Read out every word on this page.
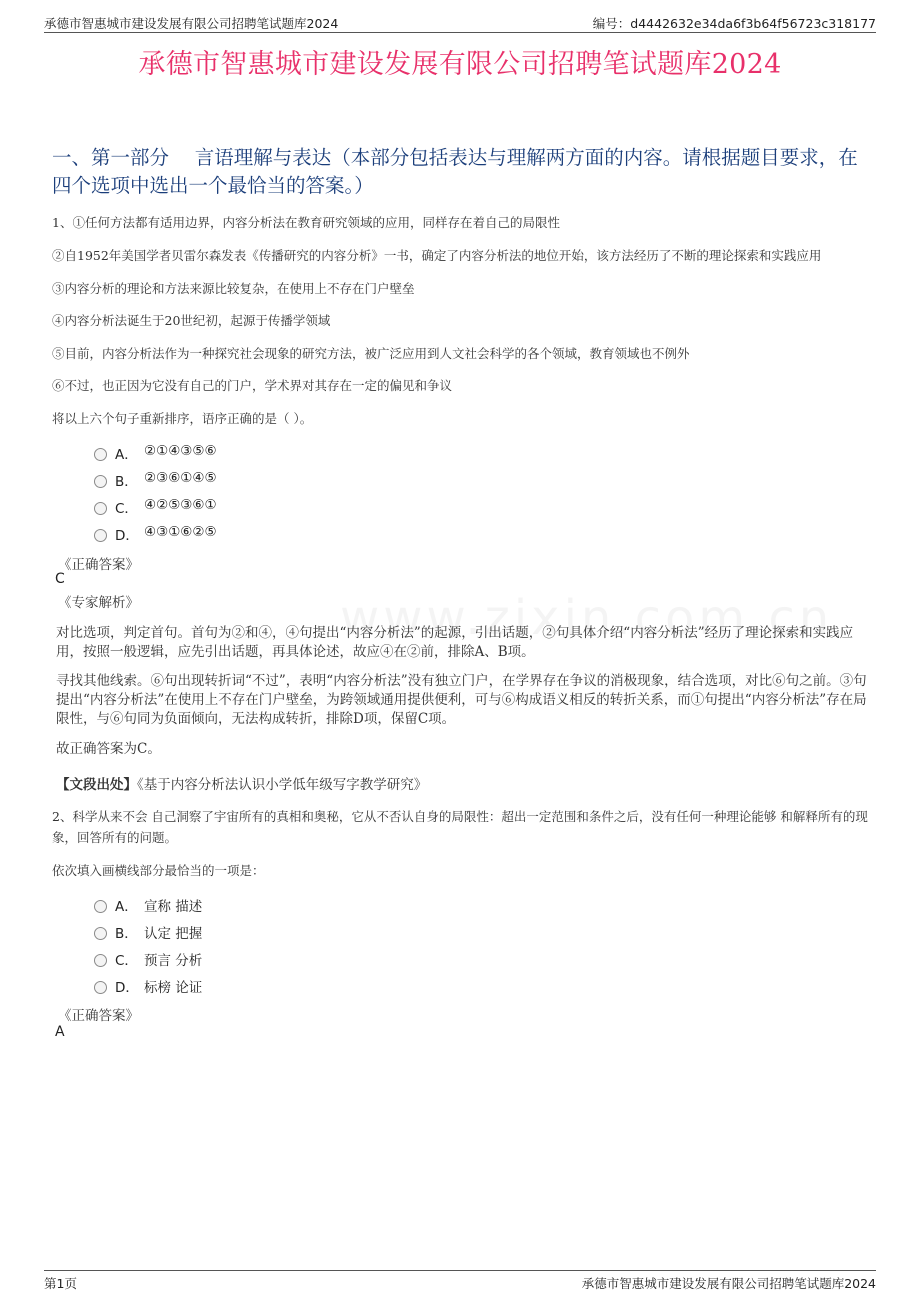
承德市智惠城市建设发展有限公司招聘笔试题库2024	编号：d4442632e34da6f3b64f56723c318177
承德市智惠城市建设发展有限公司招聘笔试题库2024
一、第一部分　 言语理解与表达（本部分包括表达与理解两方面的内容。请根据题目要求，在四个选项中选出一个最恰当的答案。）
1、①任何方法都有适用边界，内容分析法在教育研究领域的应用，同样存在着自己的局限性
②自1952年美国学者贝雷尔森发表《传播研究的内容分析》一书，确定了内容分析法的地位开始，该方法经历了不断的理论探索和实践应用
③内容分析的理论和方法来源比较复杂，在使用上不存在门户壁垒
④内容分析法诞生于20世纪初，起源于传播学领域
⑤目前，内容分析法作为一种探究社会现象的研究方法，被广泛应用到人文社会科学的各个领域，教育领域也不例外
⑥不过，也正因为它没有自己的门户，学术界对其存在一定的偏见和争议
将以上六个句子重新排序，语序正确的是（ ）。
A． ②①④③⑤⑥
B． ②③⑥①④⑤
C． ④②⑤③⑥①
D． ④③①⑥②⑤
《正确答案》
C
《专家解析》
对比选项，判定首句。首句为②和④，④句提出“内容分析法”的起源，引出话题，②句具体介绍“内容分析法”经历了理论探索和实践应用，按照一般逻辑，应先引出话题，再具体论述，故应④在②前，排除A、B项。
寻找其他线索。⑥句出现转折词“不过”，表明“内容分析法”没有独立门户，在学界存在争议的消极现象，结合选项，对比⑥句之前。③句提出“内容分析法”在使用上不存在门户壁垒，为跨领域通用提供便利，可与⑥构成语义相反的转折关系，而①句提出“内容分析法”存在局限性，与⑥句同为负面倾向，无法构成转折，排除D项，保留C项。
故正确答案为C。
【文段出处】《基于内容分析法认识小学低年级写字教学研究》
2、科学从来不会 自己洞察了宇宙所有的真相和奥秘，它从不否认自身的局限性：超出一定范围和条件之后，没有任何一种理论能够 和解释所有的现象，回答所有的问题。
依次填入画横线部分最恰当的一项是：
A． 宣称 描述
B． 认定 把握
C． 预言 分析
D． 标榜 论证
《正确答案》
A
第1页	承德市智惠城市建设发展有限公司招聘笔试题库2024
